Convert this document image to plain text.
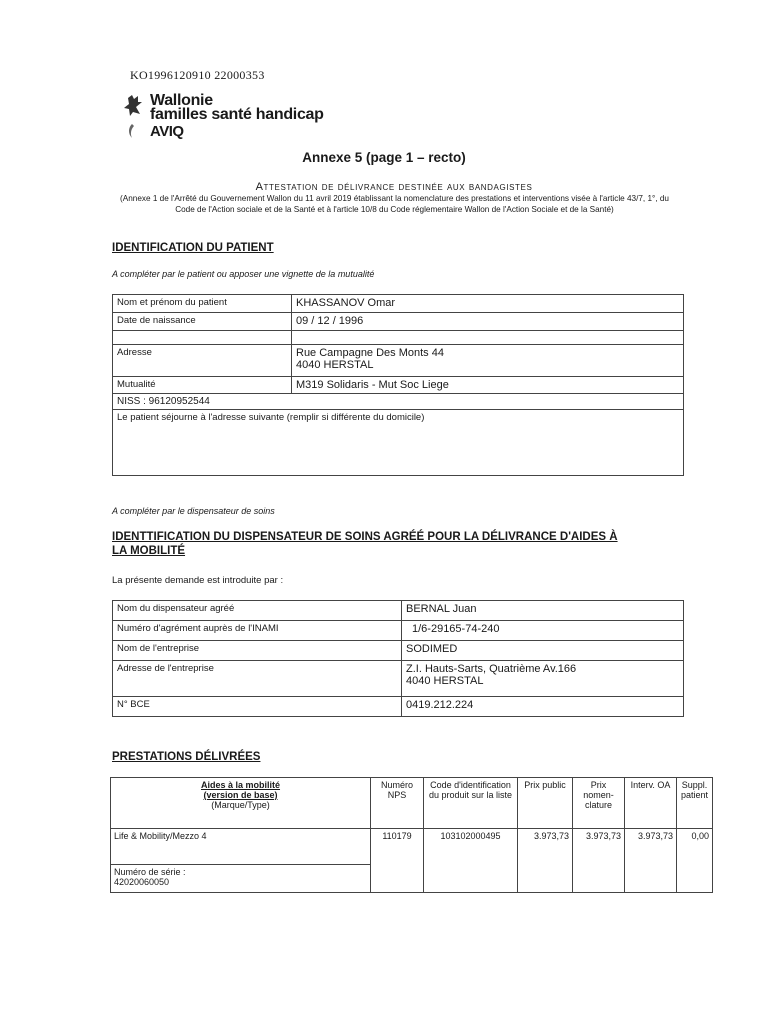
KO1996120910 22000353
Wallonie
familles santé handicap
AVIQ
Annexe 5 (page 1 – recto)
Attestation de délivrance destinée aux bandagistes
(Annexe 1 de l'Arrêté du Gouvernement Wallon du 11 avril 2019 établissant la nomenclature des prestations et interventions visée à l'article 43/7, 1°, du Code de l'Action sociale et de la Santé et à l'article 10/8 du Code réglementaire Wallon de l'Action Sociale et de la Santé)
IDENTIFICATION DU PATIENT
A compléter par le patient ou apposer une vignette de la mutualité
Nom et prénom du patient	KHASSANOV Omar
Date de naissance	09 / 12 / 1996

Adresse	Rue Campagne Des Monts 44
4040 HERSTAL

Mutualité	M319 Solidaris - Mut Soc Liege
NISS : 96120952544	
Le patient séjourne à l'adresse suivante (remplir si différente du domicile)	
A compléter par le dispensateur de soins
IDENTTIFICATION DU DISPENSATEUR DE SOINS AGRÉÉ POUR LA DÉLIVRANCE D'AIDES À
LA MOBILITÉ
La présente demande est introduite par :
Nom du dispensateur agréé	BERNAL Juan
Numéro d'agrément auprès de l'INAMI	1/6-29165-74-240
Nom de l'entreprise	SODIMED
Adresse de l'entreprise	Z.I. Hauts-Sarts, Quatrième Av.166
4040 HERSTAL

N° BCE	0419.212.224
PRESTATIONS DÉLIVRÉES
Aides à la mobilité
(version de base)
(Marque/Type)	Numéro NPS	Code d'identification du produit sur la liste	Prix public	Prix nomen-clature	Interv. OA	Suppl. patient
Life & Mobility/Mezzo 4	110179	103102000495	3.973,73	3.973,73	3.973,73	0,00

Numéro de série :
42020060050						
